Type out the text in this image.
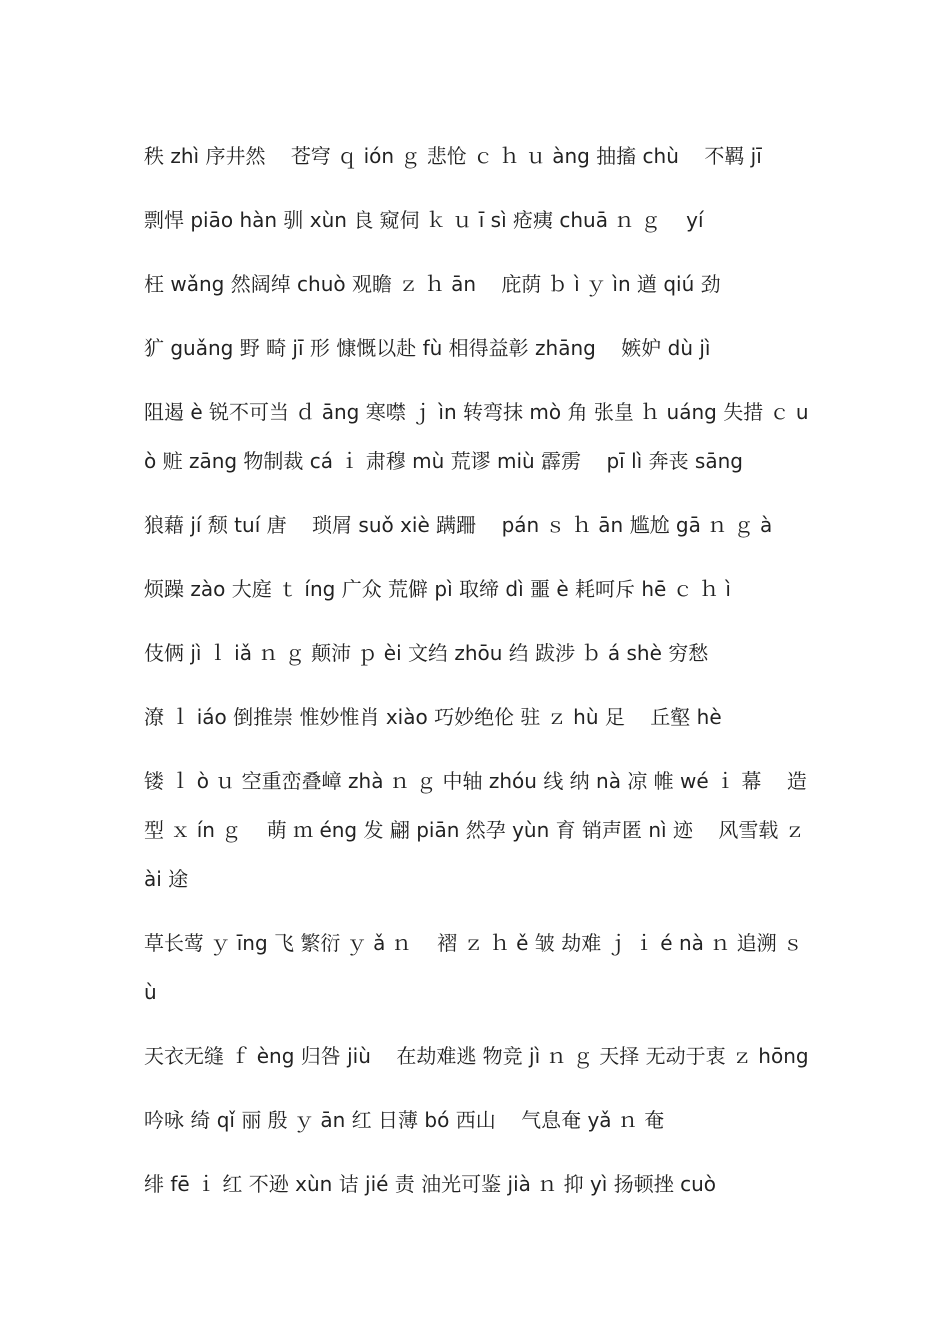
秩 zhì 序井然    苍穹 ｑ ión ｇ 悲怆 ｃ ｈ ｕ àng 抽搐 chù    不羁 jī

剽悍 piāo hàn 驯 xùn 良 窥伺 ｋ ｕ ī sì 疮痍 chuā ｎ ｇ    yí

枉 wǎng 然阔绰 chuò 观瞻 ｚ ｈ ān    庇荫 ｂ ì ｙ ìn 遒 qiú 劲

犷 guǎng 野 畸 jī 形 慷慨以赴 fù 相得益彰 zhāng    嫉妒 dù jì

阻遏 è 锐不可当 ｄ āng 寒噤 ｊ ìn 转弯抹 mò 角 张皇 ｈ uáng 失措 ｃ uò 赃 zāng 物制裁 cá ｉ 肃穆 mù 荒谬 miù 霹雳    pī lì 奔丧 sāng

狼藉 jí 颓 tuí 唐    琐屑 suǒ xiè 蹒跚    pán ｓ ｈ ān 尴尬 gā ｎ ｇ à

烦躁 zào 大庭 ｔ íng 广众 荒僻 pì 取缔 dì 噩 è 耗呵斥 hē ｃ ｈ ì

伎俩 jì ｌ iǎ ｎ ｇ 颠沛 ｐ èi 文绉 zhōu 绉 跋涉 ｂ á shè 穷愁

潦 ｌ iáo 倒推崇 惟妙惟肖 xiào 巧妙绝伦 驻 ｚ hù 足    丘壑 hè

镂 ｌ ò ｕ 空重峦叠嶂 zhà ｎ ｇ 中轴 zhóu 线 纳 nà 凉 帷 wé ｉ 幕    造型 ｘ ín ｇ    萌 ｍ éng 发 翩 piān 然孕 yùn 育 销声匿 nì 迹    风雪载 ｚ ài 途

草长莺 ｙ īng 飞 繁衍 ｙ ǎ ｎ    褶 ｚ ｈ ě 皱 劫难 ｊ ｉ é nà ｎ 追溯 ｓ ù

天衣无缝 ｆ èng 归咎 jiù    在劫难逃 物竞 jì ｎ ｇ 天择 无动于衷 ｚ hōng

吟咏 绮 qǐ 丽 殷 ｙ ān 红 日薄 bó 西山    气息奄 yǎ ｎ 奄

绯 fē ｉ 红 不逊 xùn 诘 jié 责 油光可鉴 jià ｎ 抑 yì 扬顿挫 cuò
